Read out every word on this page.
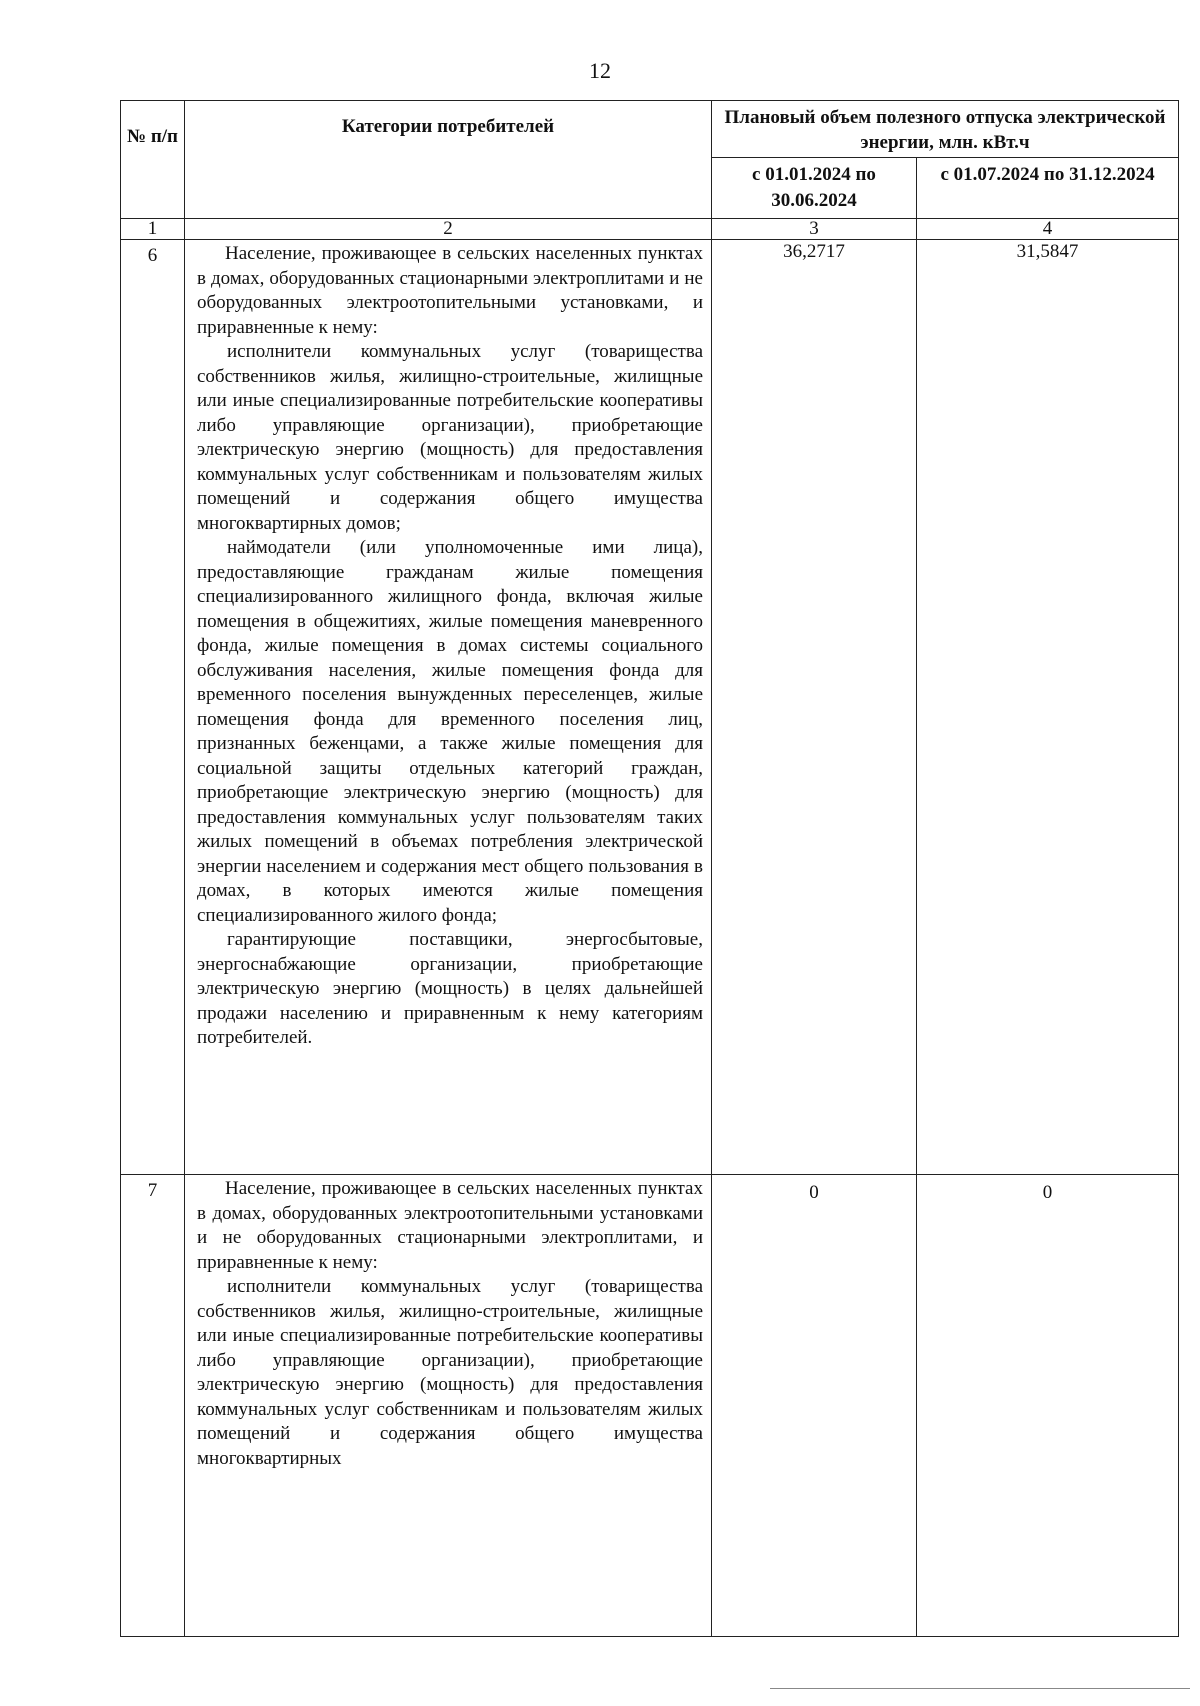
12
№ п/п	Категории потребителей	Плановый объем полезного отпуска электрической энергии, млн. кВт.ч	
		с 01.01.2024 по 30.06.2024	с 01.07.2024 по 31.12.2024
1	2	3	4
6	Население, проживающее в сельских населенных пунктах в домах, оборудованных стационарными электроплитами и не оборудованных электроотопительными установками, и приравненные к нему:

исполнители коммунальных услуг (товарищества собственников жилья, жилищно-строительные, жилищные или иные специализированные потребительские кооперативы либо управляющие организации), приобретающие электрическую энергию (мощность) для предоставления коммунальных услуг собственникам и пользователям жилых помещений и содержания общего имущества многоквартирных домов;

наймодатели (или уполномоченные ими лица), предоставляющие гражданам жилые помещения специализированного жилищного фонда, включая жилые помещения в общежитиях, жилые помещения маневренного фонда, жилые помещения в домах системы социального обслуживания населения, жилые помещения фонда для временного поселения вынужденных переселенцев, жилые помещения фонда для временного поселения лиц, признанных беженцами, а также жилые помещения для социальной защиты отдельных категорий граждан, приобретающие электрическую энергию (мощность) для предоставления коммунальных услуг пользователям таких жилых помещений в объемах потребления электрической энергии населением и содержания мест общего пользования в домах, в которых имеются жилые помещения специализированного жилого фонда;

гарантирующие поставщики, энергосбытовые, энергоснабжающие организации, приобретающие электрическую энергию (мощность) в целях дальнейшей продажи населению и приравненным к нему категориям потребителей.	36,2717	31,5847
7	Население, проживающее в сельских населенных пунктах в домах, оборудованных электроотопительными установками и не оборудованных стационарными электроплитами, и приравненные к нему:

исполнители коммунальных услуг (товарищества собственников жилья, жилищно-строительные, жилищные или иные специализированные потребительские кооперативы либо управляющие организации), приобретающие электрическую энергию (мощность) для предоставления коммунальных услуг собственникам и пользователям жилых помещений и содержания общего имущества многоквартирных	0	0
